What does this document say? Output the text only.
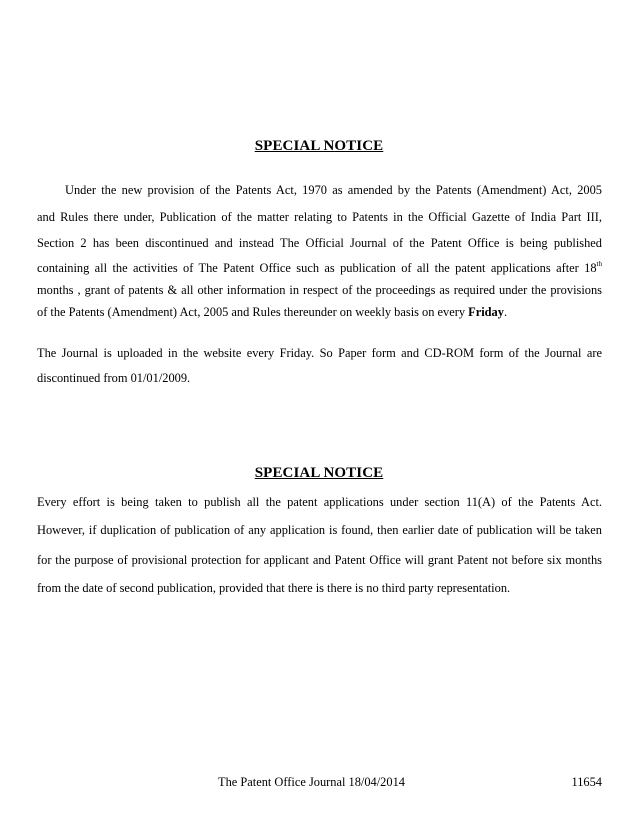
SPECIAL NOTICE
Under the new provision of the Patents Act, 1970 as amended by the Patents (Amendment) Act, 2005
and Rules there under, Publication of the matter relating to Patents in the Official Gazette of India Part III,
Section 2 has been discontinued and instead The Official Journal of the Patent Office is being published
containing all the activities of The Patent Office such as publication of all the patent applications after 18th
months , grant of patents & all other information in respect of the proceedings as required under the provisions
of the Patents (Amendment) Act, 2005 and Rules thereunder on weekly basis on every Friday.
The Journal is uploaded in the website every Friday. So Paper form and CD-ROM form of the Journal are
discontinued from 01/01/2009.
SPECIAL NOTICE
Every effort is being taken to publish all the patent applications under section 11(A) of the Patents Act.
However, if duplication of publication of any application is found, then earlier date of publication will be taken
for the purpose of provisional protection for applicant and Patent Office will grant Patent not before six months
from the date of second publication, provided that there is there is no third party representation.
The Patent Office Journal 18/04/2014	11654
